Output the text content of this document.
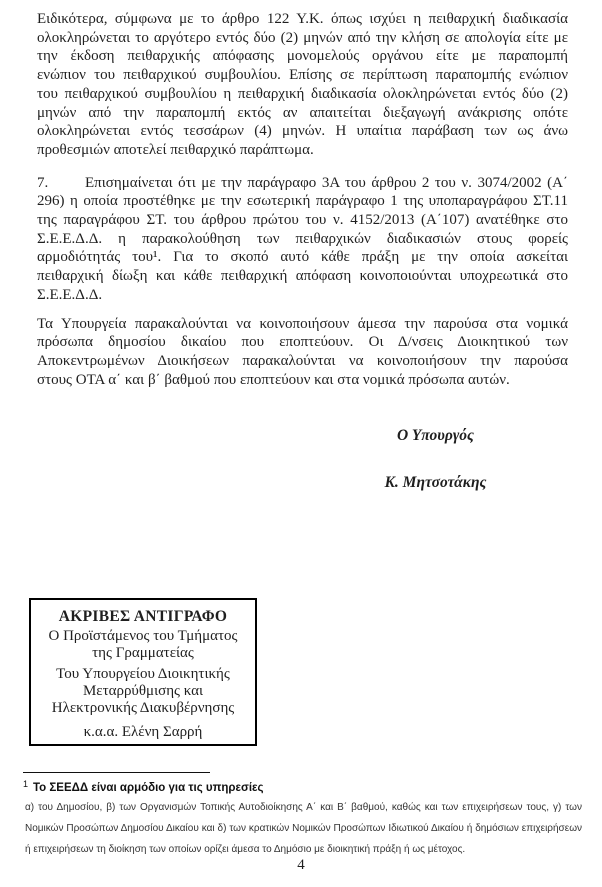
Ειδικότερα, σύμφωνα με το άρθρο 122 Υ.Κ. όπως ισχύει η πειθαρχική διαδικασία
ολοκληρώνεται το αργότερο εντός δύο (2) μηνών από την κλήση σε απολογία είτε με
την έκδοση πειθαρχικής απόφασης μονομελούς οργάνου είτε με παραπομπή
ενώπιον του πειθαρχικού συμβουλίου. Επίσης σε περίπτωση παραπομπής ενώπιον
του πειθαρχικού συμβουλίου η πειθαρχική διαδικασία ολοκληρώνεται εντός δύο (2)
μηνών από την παραπομπή εκτός αν απαιτείται διεξαγωγή ανάκρισης οπότε
ολοκληρώνεται εντός τεσσάρων (4) μηνών. Η υπαίτια παράβαση των ως άνω
προθεσμιών αποτελεί πειθαρχικό παράπτωμα.
7. Επισημαίνεται ότι με την παράγραφο 3Α του άρθρου 2 του ν. 3074/2002 (Α΄
296) η οποία προστέθηκε με την εσωτερική παράγραφο 1 της υποπαραγράφου ΣΤ.11
της παραγράφου ΣΤ. του άρθρου πρώτου του ν. 4152/2013 (Α΄107) ανατέθηκε στο
Σ.Ε.Ε.Δ.Δ. η παρακολούθηση των πειθαρχικών διαδικασιών στους φορείς
αρμοδιότητάς του¹. Για το σκοπό αυτό κάθε πράξη με την οποία ασκείται
πειθαρχική δίωξη και κάθε πειθαρχική απόφαση κοινοποιούνται υποχρεωτικά στο
Σ.Ε.Ε.Δ.Δ.
Τα Υπουργεία παρακαλούνται να κοινοποιήσουν άμεσα την παρούσα στα νομικά
πρόσωπα δημοσίου δικαίου που εποπτεύουν. Οι Δ/νσεις Διοικητικού των
Αποκεντρωμένων Διοικήσεων παρακαλούνται να κοινοποιήσουν την παρούσα
στους ΟΤΑ α΄ και β΄ βαθμού που εποπτεύουν και στα νομικά πρόσωπα αυτών.
Ο Υπουργός
Κ. Μητσοτάκης
ΑΚΡΙΒΕΣ ΑΝΤΙΓΡΑΦΟ
Ο Προϊστάμενος του Τμήματος
της Γραμματείας
Του Υπουργείου Διοικητικής
Μεταρρύθμισης και
Ηλεκτρονικής Διακυβέρνησης
κ.α.α. Ελένη Σαρρή
$^1$ Το ΣΕΕΔΔ είναι αρμόδιο για τις υπηρεσίες
α) του Δημοσίου, β) των Οργανισμών Τοπικής Αυτοδιοίκησης Α΄ και Β΄ βαθμού, καθώς και των επιχειρήσεων τους, γ) των Νομικών Προσώπων Δημοσίου Δικαίου και δ) των κρατικών Νομικών Προσώπων Ιδιωτικού Δικαίου ή δημόσιων επιχειρήσεων ή επιχειρήσεων τη διοίκηση των οποίων ορίζει άμεσα το Δημόσιο με διοικητική πράξη ή ως μέτοχος.
4
